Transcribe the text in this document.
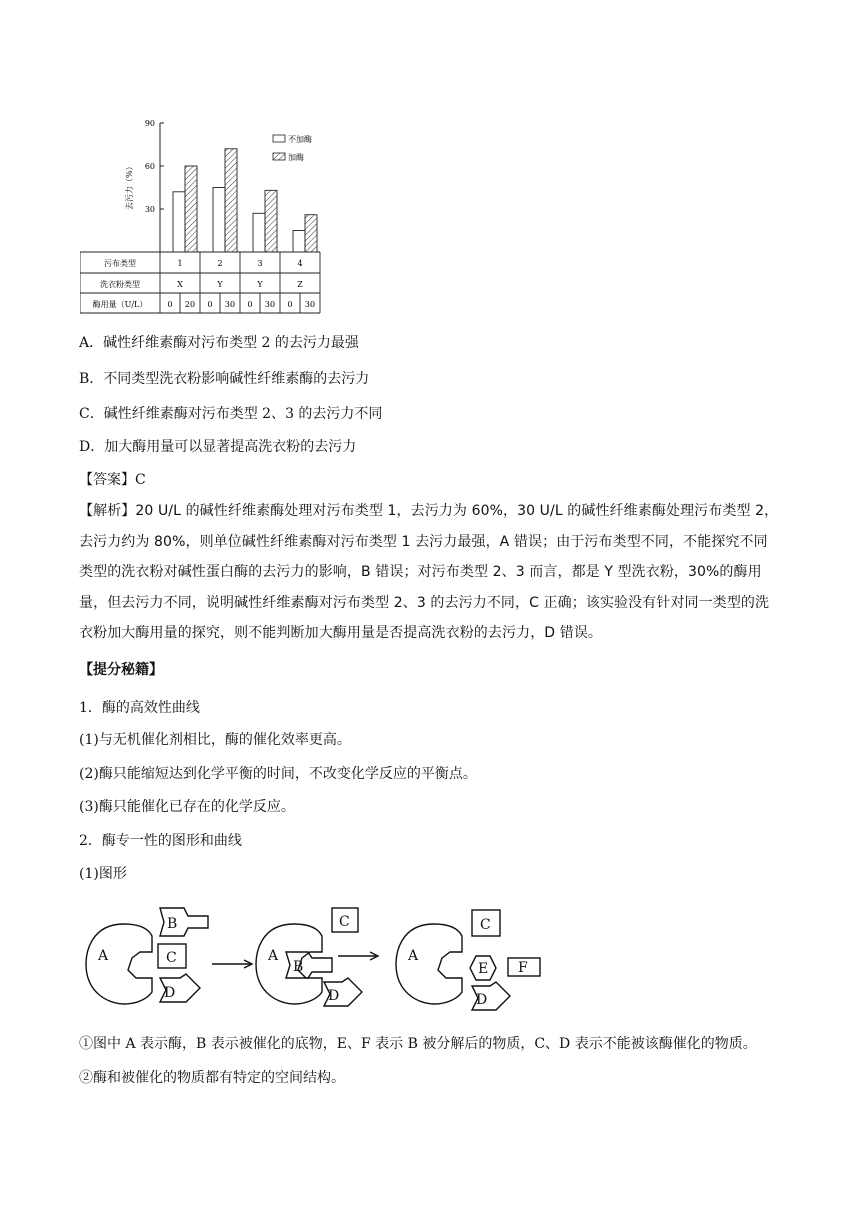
30
60
90
去污力（%）
不加酶
加酶
污布类型
洗衣粉类型
酶用量（U/L）
1
X
0 20
2
Y
0 30
3
Y
0 30
4
Z
0 30
A．碱性纤维素酶对污布类型 2 的去污力最强
B．不同类型洗衣粉影响碱性纤维素酶的去污力
C．碱性纤维素酶对污布类型 2、3 的去污力不同
D．加大酶用量可以显著提高洗衣粉的去污力
【答案】C
【解析】20 U/L 的碱性纤维素酶处理对污布类型 1，去污力为 60%，30 U/L 的碱性纤维素酶处理污布类型 2，去污力约为 80%，则单位碱性纤维素酶对污布类型 1 去污力最强，A 错误；由于污布类型不同，不能探究不同类型的洗衣粉对碱性蛋白酶的去污力的影响，B 错误；对污布类型 2、3 而言，都是 Y 型洗衣粉，30%的酶用量，但去污力不同，说明碱性纤维素酶对污布类型 2、3 的去污力不同，C 正确；该实验没有针对同一类型的洗衣粉加大酶用量的探究，则不能判断加大酶用量是否提高洗衣粉的去污力，D 错误。
【提分秘籍】
1．酶的高效性曲线
(1)与无机催化剂相比，酶的催化效率更高。
(2)酶只能缩短达到化学平衡的时间，不改变化学反应的平衡点。
(3)酶只能催化已存在的化学反应。
2．酶专一性的图形和曲线
(1)图形
A
B
C
D
A
B
C
D
A
C
E F
D
①图中 A 表示酶，B 表示被催化的底物，E、F 表示 B 被分解后的物质，C、D 表示不能被该酶催化的物质。
②酶和被催化的物质都有特定的空间结构。
